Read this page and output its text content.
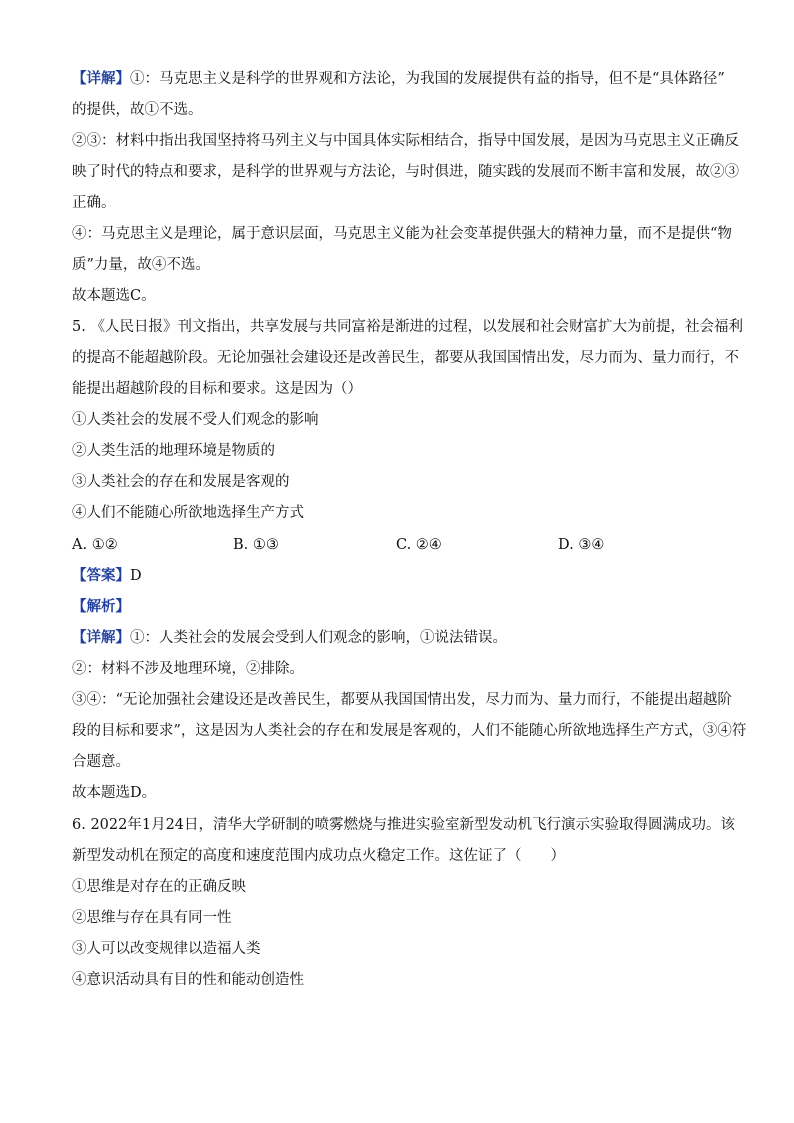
【详解】①：马克思主义是科学的世界观和方法论，为我国的发展提供有益的指导，但不是“具体路径”
的提供，故①不选。
②③：材料中指出我国坚持将马列主义与中国具体实际相结合，指导中国发展，是因为马克思主义正确反
映了时代的特点和要求，是科学的世界观与方法论，与时俱进，随实践的发展而不断丰富和发展，故②③
正确。
④：马克思主义是理论，属于意识层面，马克思主义能为社会变革提供强大的精神力量，而不是提供“物
质”力量，故④不选。
故本题选C。
5. 《人民日报》刊文指出，共享发展与共同富裕是渐进的过程，以发展和社会财富扩大为前提，社会福利
的提高不能超越阶段。无论加强社会建设还是改善民生，都要从我国国情出发，尽力而为、量力而行，不
能提出超越阶段的目标和要求。这是因为（）
①人类社会的发展不受人们观念的影响
②人类生活的地理环境是物质的
③人类社会的存在和发展是客观的
④人们不能随心所欲地选择生产方式
A. ①②	B. ①③	C. ②④	D. ③④
【答案】D
【解析】
【详解】①：人类社会的发展会受到人们观念的影响，①说法错误。
②：材料不涉及地理环境，②排除。
③④：“无论加强社会建设还是改善民生，都要从我国国情出发，尽力而为、量力而行，不能提出超越阶
段的目标和要求”，这是因为人类社会的存在和发展是客观的，人们不能随心所欲地选择生产方式，③④符
合题意。
故本题选D。
6. 2022年1月24日，清华大学研制的喷雾燃烧与推进实验室新型发动机飞行演示实验取得圆满成功。该
新型发动机在预定的高度和速度范围内成功点火稳定工作。这佐证了（　　）
①思维是对存在的正确反映
②思维与存在具有同一性
③人可以改变规律以造福人类
④意识活动具有目的性和能动创造性
